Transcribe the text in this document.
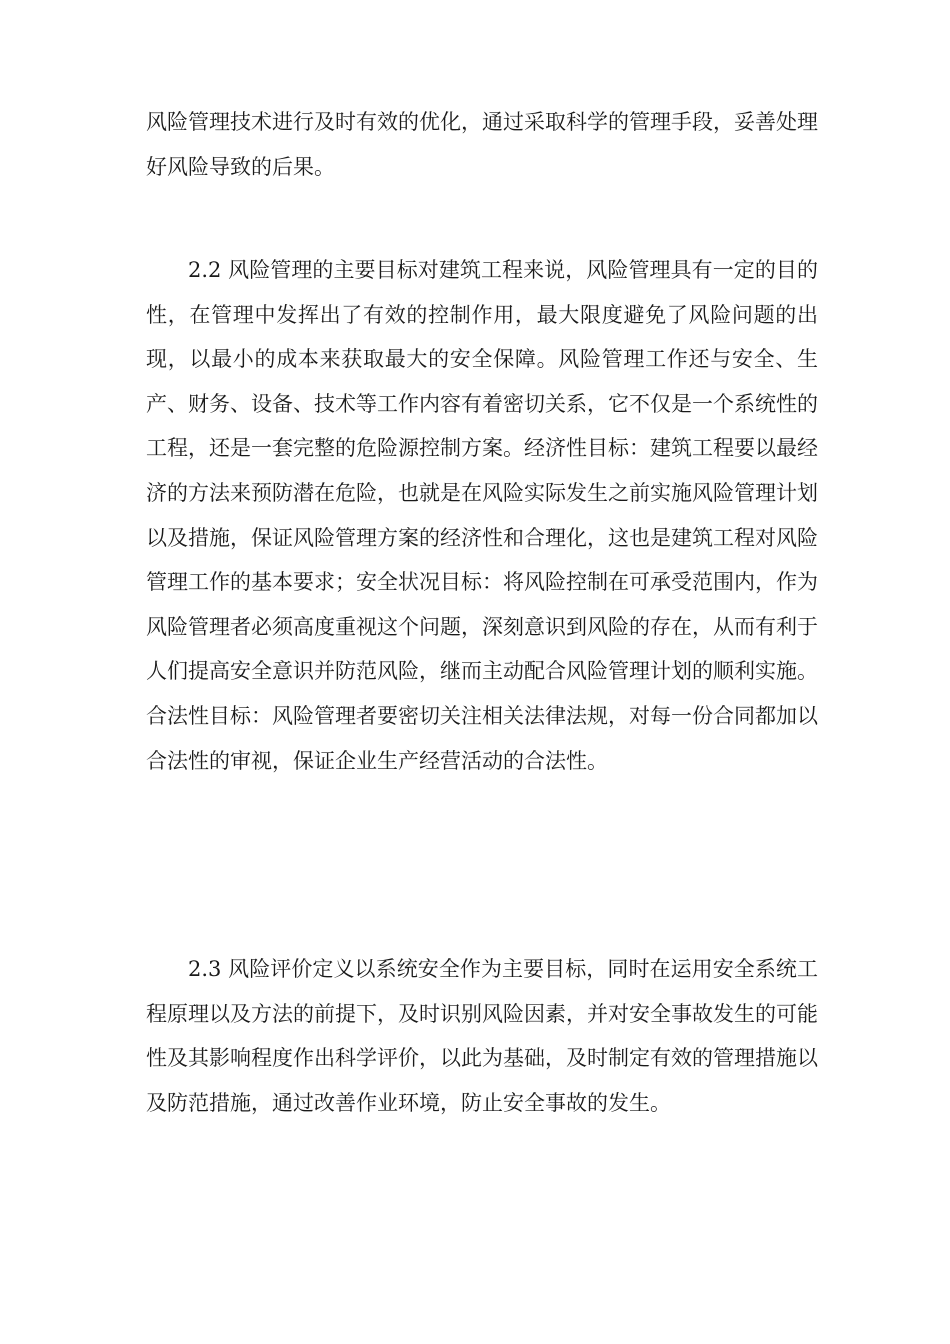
风险管理技术进行及时有效的优化，通过采取科学的管理手段，妥善处理好风险导致的后果。

2.2 风险管理的主要目标对建筑工程来说，风险管理具有一定的目的性，在管理中发挥出了有效的控制作用，最大限度避免了风险问题的出现，以最小的成本来获取最大的安全保障。风险管理工作还与安全、生产、财务、设备、技术等工作内容有着密切关系，它不仅是一个系统性的工程，还是一套完整的危险源控制方案。经济性目标：建筑工程要以最经济的方法来预防潜在危险，也就是在风险实际发生之前实施风险管理计划以及措施，保证风险管理方案的经济性和合理化，这也是建筑工程对风险管理工作的基本要求；安全状况目标：将风险控制在可承受范围内，作为风险管理者必须高度重视这个问题，深刻意识到风险的存在，从而有利于人们提高安全意识并防范风险，继而主动配合风险管理计划的顺利实施。合法性目标：风险管理者要密切关注相关法律法规，对每一份合同都加以合法性的审视，保证企业生产经营活动的合法性。

2.3 风险评价定义以系统安全作为主要目标，同时在运用安全系统工程原理以及方法的前提下，及时识别风险因素，并对安全事故发生的可能性及其影响程度作出科学评价，以此为基础，及时制定有效的管理措施以及防范措施，通过改善作业环境，防止安全事故的发生。
